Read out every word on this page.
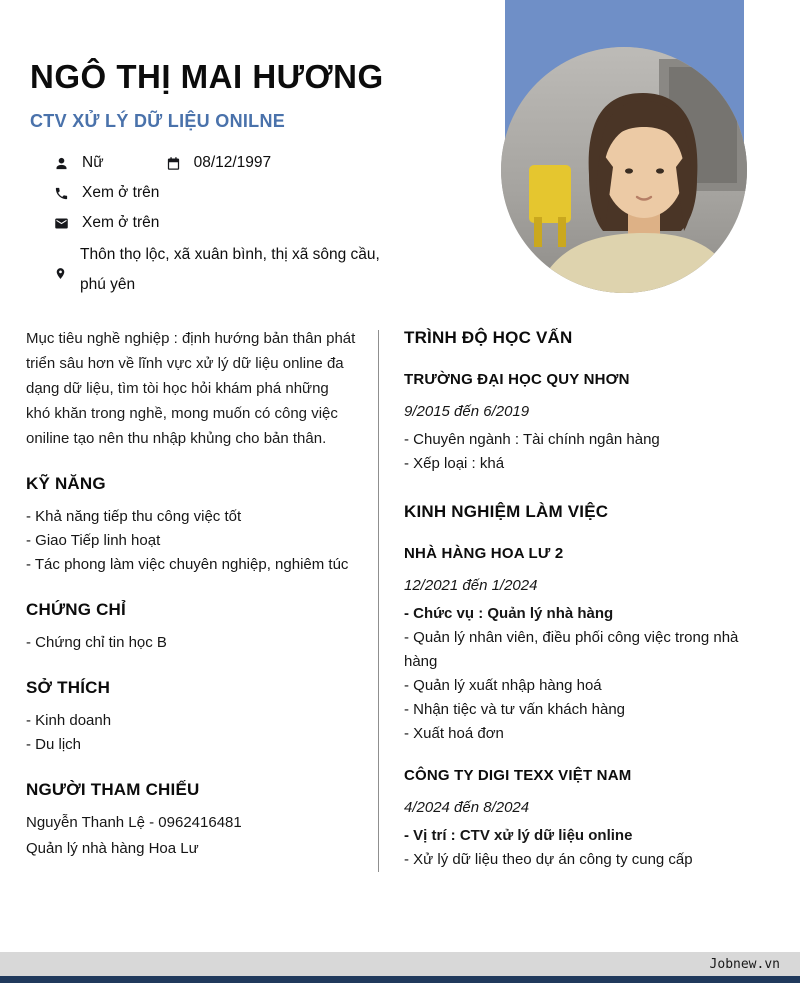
NGÔ THỊ MAI HƯƠNG
CTV XỬ LÝ DỮ LIỆU ONILNE
Nữ	08/12/1997
Xem ở trên
Xem ở trên
Thôn thọ lộc, xã xuân bình, thị xã sông cầu, phú yên

Mục tiêu nghề nghiệp : định hướng bản thân phát triển sâu hơn về lĩnh vực xử lý dữ liệu online đa dạng dữ liệu, tìm tòi học hỏi khám phá những khó khăn trong nghề, mong muốn có công việc oniline tạo nên thu nhập khủng cho bản thân.

KỸ NĂNG
- Khả năng tiếp thu công việc tốt
- Giao Tiếp linh hoạt
- Tác phong làm việc chuyên nghiệp, nghiêm túc
CHỨNG CHỈ
- Chứng chỉ tin học B
SỞ THÍCH
- Kinh doanh
- Du lịch
NGƯỜI THAM CHIẾU
Nguyễn Thanh Lệ - 0962416481
Quản lý nhà hàng Hoa Lư
TRÌNH ĐỘ HỌC VẤN
TRƯỜNG ĐẠI HỌC QUY NHƠN
9/2015 đến 6/2019
- Chuyên ngành : Tài chính ngân hàng
- Xếp loại : khá
KINH NGHIỆM LÀM VIỆC
NHÀ HÀNG HOA LƯ 2
12/2021 đến 1/2024
- Chức vụ : Quản lý nhà hàng
- Quản lý nhân viên, điều phối công việc trong nhà hàng
- Quản lý xuất nhập hàng hoá
- Nhận tiệc và tư vấn khách hàng
- Xuất hoá đơn
CÔNG TY DIGI TEXX VIỆT NAM
4/2024 đến 8/2024
- Vị trí : CTV xử lý dữ liệu online
- Xử lý dữ liệu theo dự án công ty cung cấp
Jobnew.vn
